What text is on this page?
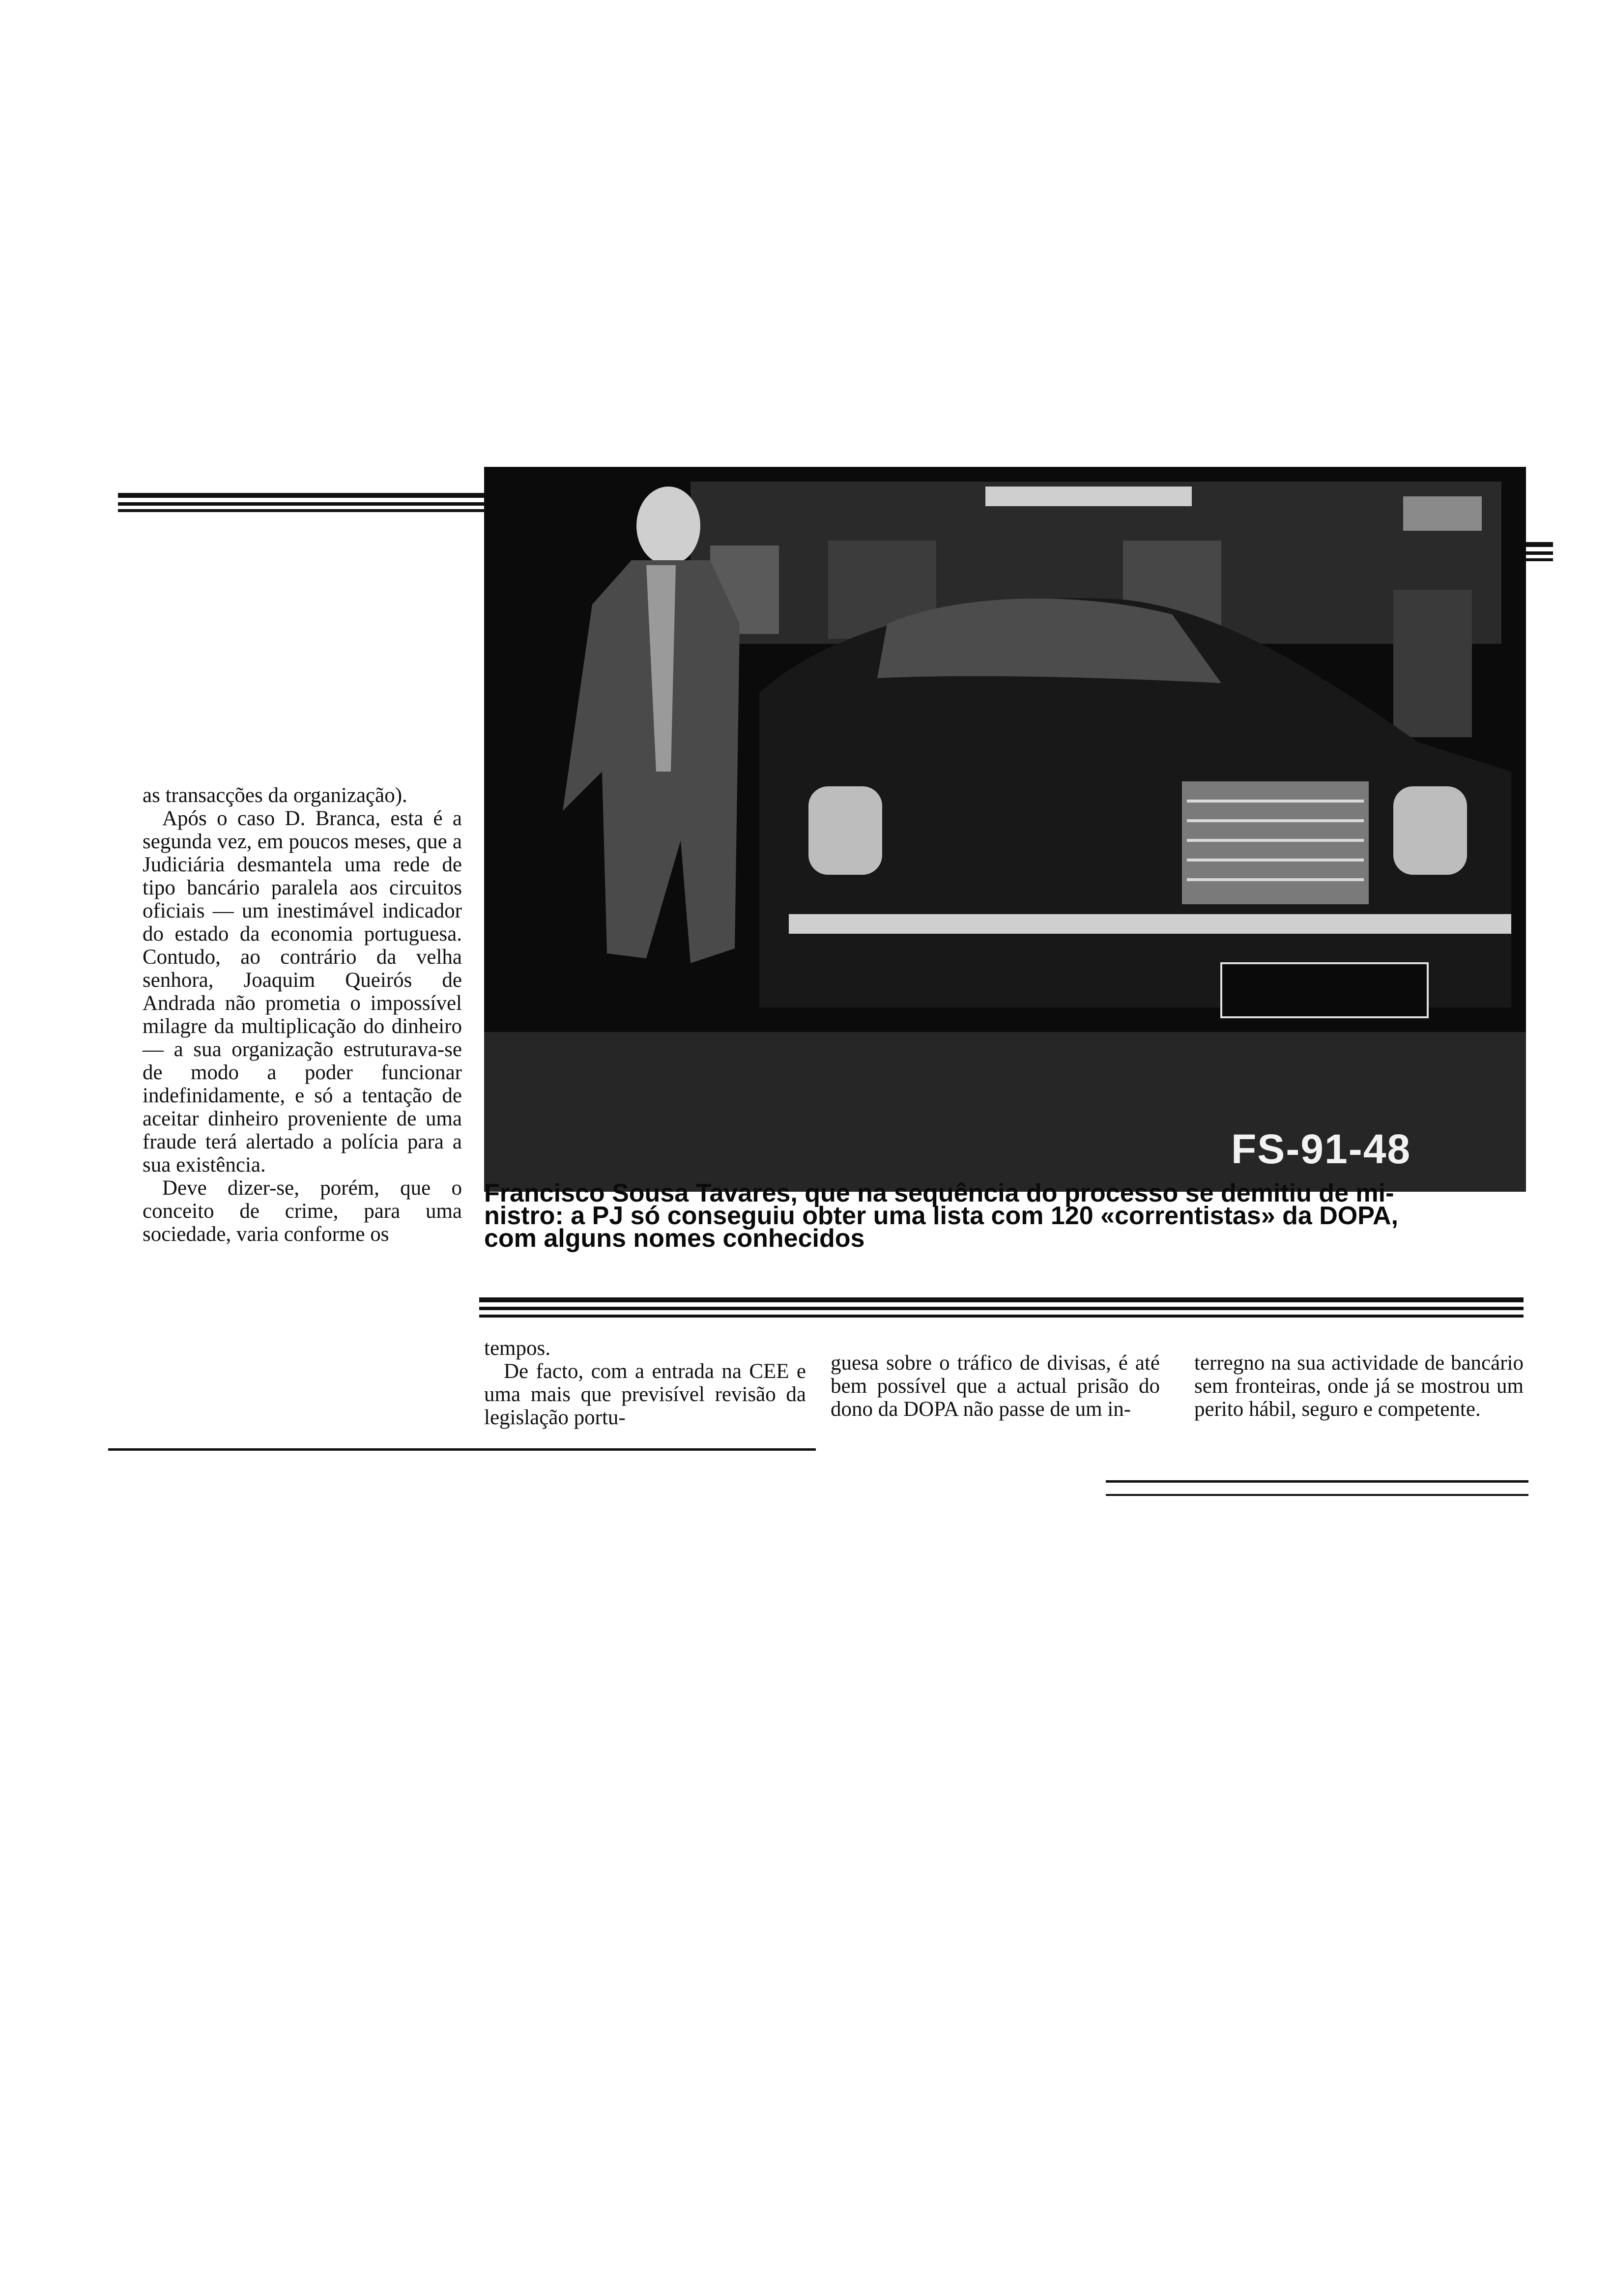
as transacções da organização).

Após o caso D. Branca, esta é a segunda vez, em poucos meses, que a Judiciária desmantela uma rede de tipo bancário paralela aos circuitos oficiais — um inestimável indicador do estado da economia portuguesa. Contudo, ao contrário da velha senhora, Joaquim Queirós de Andrada não prometia o impossível milagre da multiplicação do dinheiro — a sua organização estruturava-se de modo a poder funcionar indefinidamente, e só a tentação de aceitar dinheiro proveniente de uma fraude terá alertado a polícia para a sua existência.

Deve dizer-se, porém, que o conceito de crime, para uma sociedade, varia conforme os

FS-91-48
Francisco Sousa Tavares, que na sequência do processo se demitiu de mi-
nistro: a PJ só conseguiu obter uma lista com 120 «correntistas» da DOPA,
com alguns nomes conhecidos

tempos.

De facto, com a entrada na CEE e uma mais que previsível revisão da legislação portu-

guesa sobre o tráfico de divisas, é até bem possível que a actual prisão do dono da DOPA não passe de um in-

terregno na sua actividade de bancário sem fronteiras, onde já se mostrou um perito hábil, seguro e competente.
